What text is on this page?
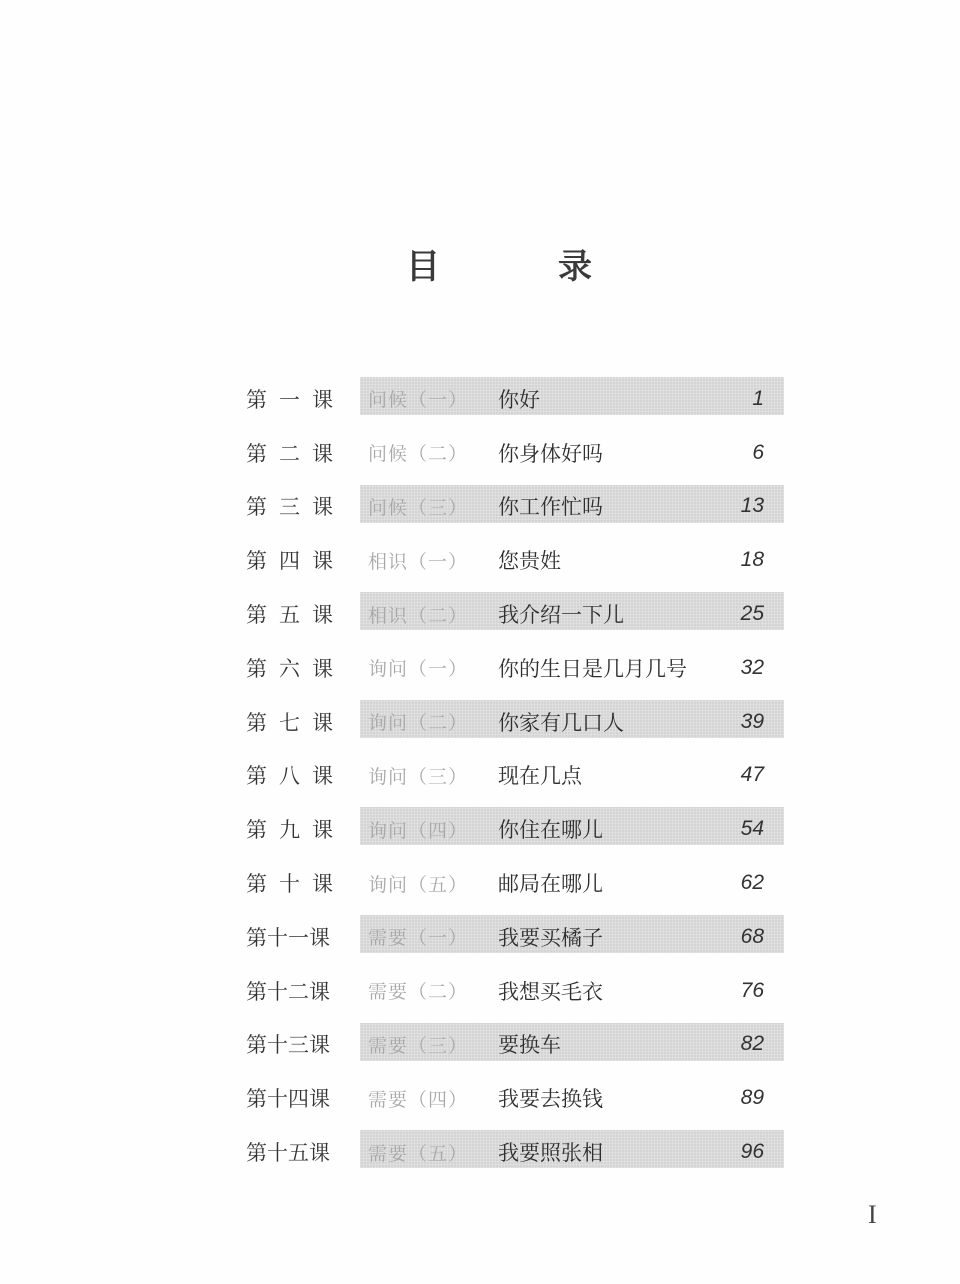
目　录
第一课 问候（一）	你好	1
第二课 问候（二）	你身体好吗	6
第三课 问候（三）	你工作忙吗	13
第四课 相识（一）	您贵姓	18
第五课 相识（二）	我介绍一下儿	25
第六课 询问（一）	你的生日是几月几号	32
第七课 询问（二）	你家有几口人	39
第八课 询问（三）	现在几点	47
第九课 询问（四）	你住在哪儿	54
第十课 询问（五）	邮局在哪儿	62
第十一课	需要（一）	我要买橘子	68
第十二课	需要（二）	我想买毛衣	76
第十三课	需要（三）	要换车	82
第十四课	需要（四）	我要去换钱	89
第十五课	需要（五）	我要照张相	96
I
